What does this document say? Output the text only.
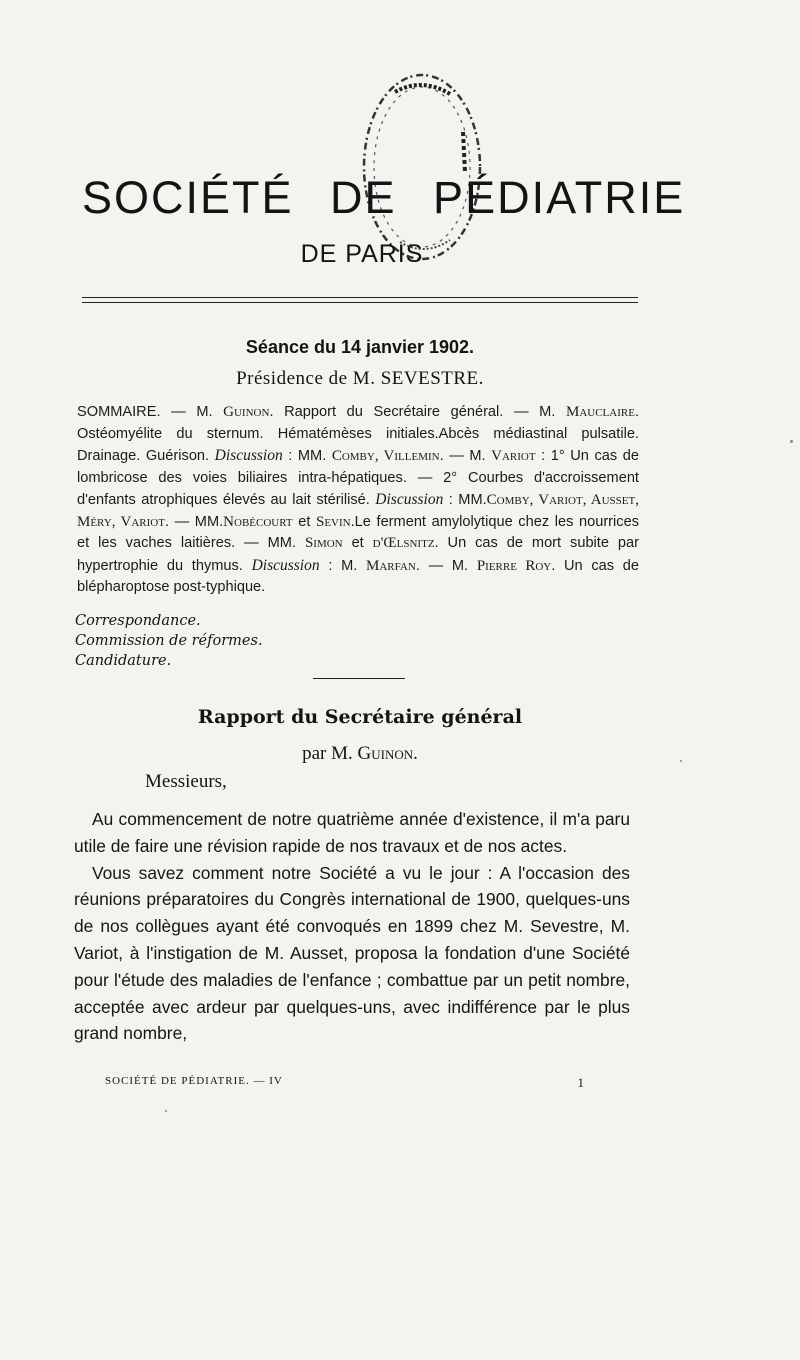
SOCIÉTÉ DE PÉDIATRIE
DE PARIS
Séance du 14 janvier 1902.
Présidence de M. SEVESTRE.
SOMMAIRE. — M. Guinon. Rapport du Secrétaire général. — M. Mauclaire. Ostéomyélite du sternum. Hématémèses initiales.Abcès médiastinal pulsatile. Drainage. Guérison. Discussion : MM. Comby, Villemin. — M. Variot : 1° Un cas de lombricose des voies biliaires intra-hépatiques. — 2° Courbes d'accroissement d'enfants atrophiques élevés au lait stérilisé. Discussion : MM.Comby, Variot, Ausset, Méry, Variot. — MM.Nobécourt et Sevin.Le ferment amylolytique chez les nourrices et les vaches laitières. — MM. Simon et d'Œlsnitz. Un cas de mort subite par hypertrophie du thymus. Discussion : M. Marfan. — M. Pierre Roy. Un cas de blépharoptose post-typhique.
Correspondance.
Commission de réformes.
Candidature.
Rapport du Secrétaire général
par M. Guinon.
Messieurs,

Au commencement de notre quatrième année d'existence, il m'a paru utile de faire une révision rapide de nos travaux et de nos actes.

Vous savez comment notre Société a vu le jour : A l'occasion des réunions préparatoires du Congrès international de 1900, quelques-uns de nos collègues ayant été convoqués en 1899 chez M. Sevestre, M. Variot, à l'instigation de M. Ausset, proposa la fondation d'une Société pour l'étude des maladies de l'enfance ; combattue par un petit nombre, acceptée avec ardeur par quelques-uns, avec indifférence par le plus grand nombre,

SOCIÉTÉ DE PÉDIATRIE. — IV	1
